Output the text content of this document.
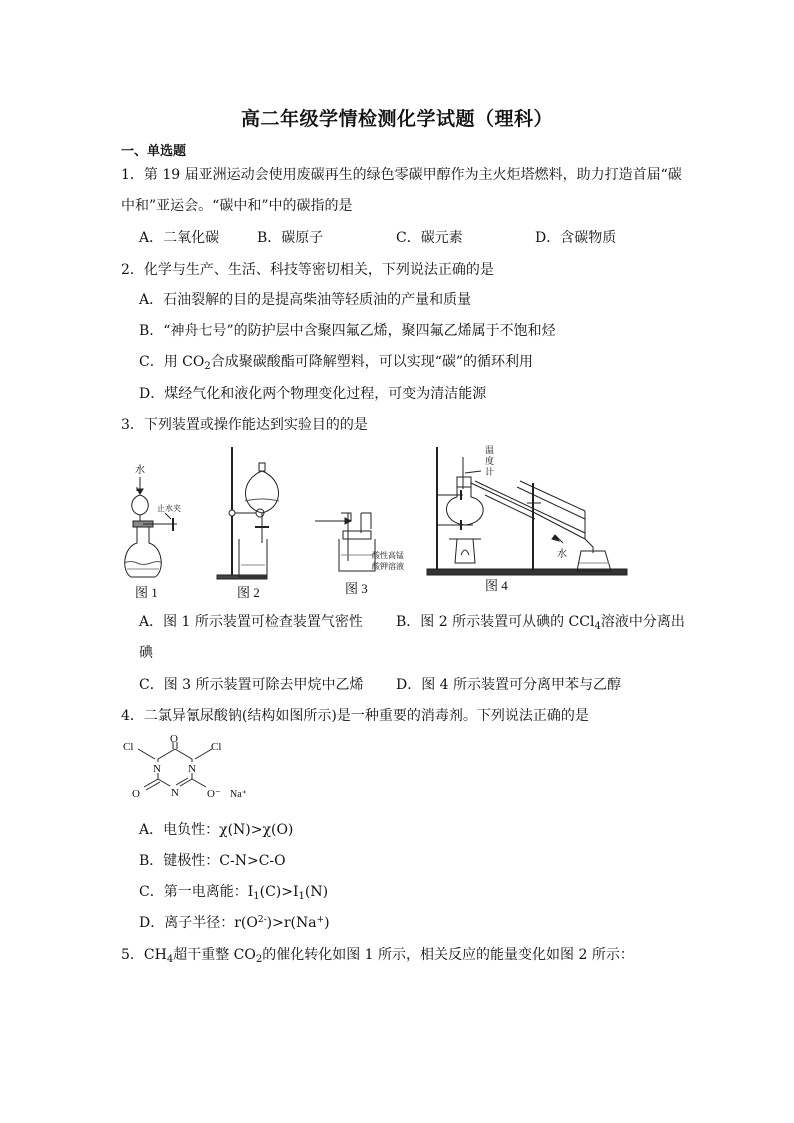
高二年级学情检测化学试题（理科）
一、单选题
1．第 19 届亚洲运动会使用废碳再生的绿色零碳甲醇作为主火炬塔燃料，助力打造首届“碳
中和”亚运会。“碳中和”中的碳指的是
A．二氧化碳	B．碳原子	C．碳元素	D．含碳物质
2．化学与生产、生活、科技等密切相关，下列说法正确的是
A．石油裂解的目的是提高柴油等轻质油的产量和质量
B．“神舟七号”的防护层中含聚四氟乙烯，聚四氟乙烯属于不饱和烃
C．用 $CO_2$合成聚碳酸酯可降解塑料，可以实现“碳”的循环利用
D．煤经气化和液化两个物理变化过程，可变为清洁能源
3．下列装置或操作能达到实验目的的是
水
止水夹
图 1	图 2
酸性高锰
酸钾溶液
图 3
温
度
计
水
图 4
A．图 1 所示装置可检查装置气密性 B．图 2 所示装置可从碘的 CCl$_4$溶液中分离出
碘
C．图 3 所示装置可除去甲烷中乙烯 D．图 4 所示装置可分离甲苯与乙醇
4．二氯异氰尿酸钠(结构如图所示)是一种重要的消毒剂。下列说法正确的是
O
Cl	Cl
N N
N
O	O⁻ Na⁺
A．电负性：χ(N)>χ(O)
B．键极性：C-N>C-O
C．第一电离能：$I_1(C)>I_1(N)$
D．离子半径：$r(O^{2-})>r(Na^+)$
5．$CH_4$超干重整 $CO_2$的催化转化如图 1 所示，相关反应的能量变化如图 2 所示：
